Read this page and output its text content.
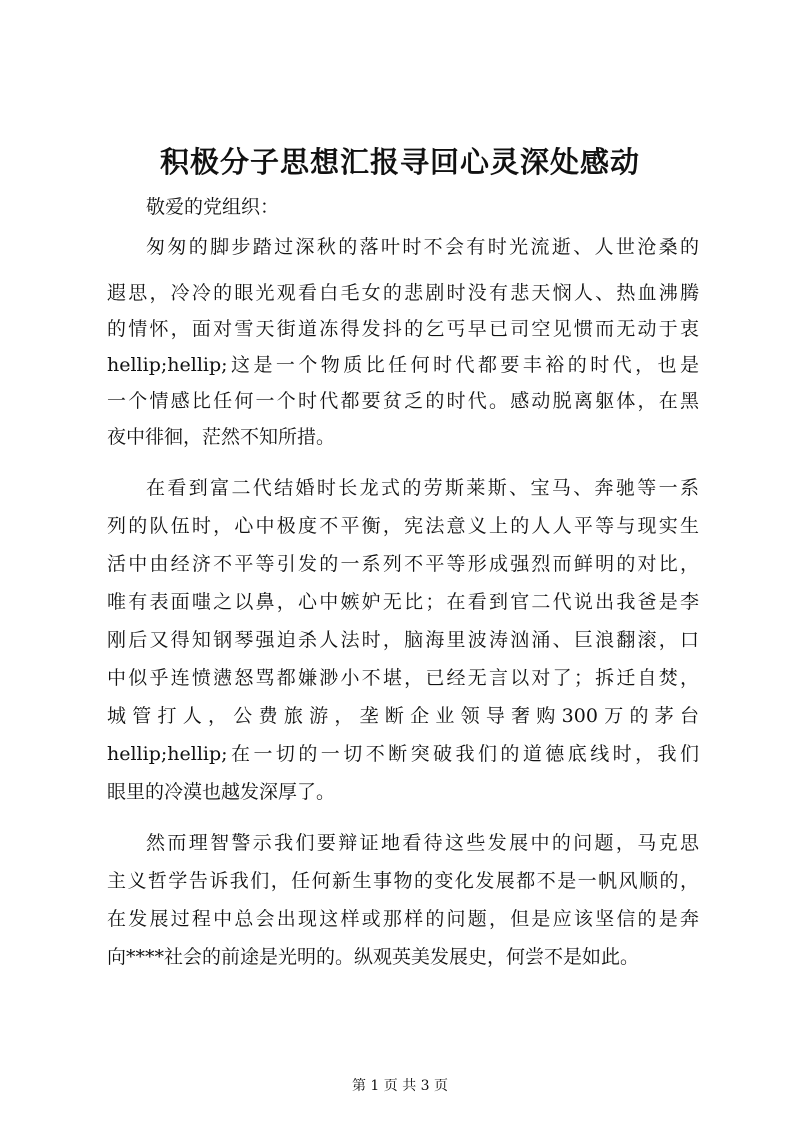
积极分子思想汇报寻回心灵深处感动
敬爱的党组织：
匆匆的脚步踏过深秋的落叶时不会有时光流逝、人世沧桑的
遐思，冷冷的眼光观看白毛女的悲剧时没有悲天悯人、热血沸腾
的情怀，面对雪天街道冻得发抖的乞丐早已司空见惯而无动于衷
hellip;hellip;这是一个物质比任何时代都要丰裕的时代，也是
一个情感比任何一个时代都要贫乏的时代。感动脱离躯体，在黑
夜中徘徊，茫然不知所措。
在看到富二代结婚时长龙式的劳斯莱斯、宝马、奔驰等一系
列的队伍时，心中极度不平衡，宪法意义上的人人平等与现实生
活中由经济不平等引发的一系列不平等形成强烈而鲜明的对比，
唯有表面嗤之以鼻，心中嫉妒无比；在看到官二代说出我爸是李
刚后又得知钢琴强迫杀人法时，脑海里波涛汹涌、巨浪翻滚，口
中似乎连愤懑怒骂都嫌渺小不堪，已经无言以对了；拆迁自焚，
城管打人，公费旅游，垄断企业领导奢购300万的茅台
hellip;hellip;在一切的一切不断突破我们的道德底线时，我们
眼里的冷漠也越发深厚了。
然而理智警示我们要辩证地看待这些发展中的问题，马克思
主义哲学告诉我们，任何新生事物的变化发展都不是一帆风顺的，
在发展过程中总会出现这样或那样的问题，但是应该坚信的是奔
向****社会的前途是光明的。纵观英美发展史，何尝不是如此。
第 1 页 共 3 页
